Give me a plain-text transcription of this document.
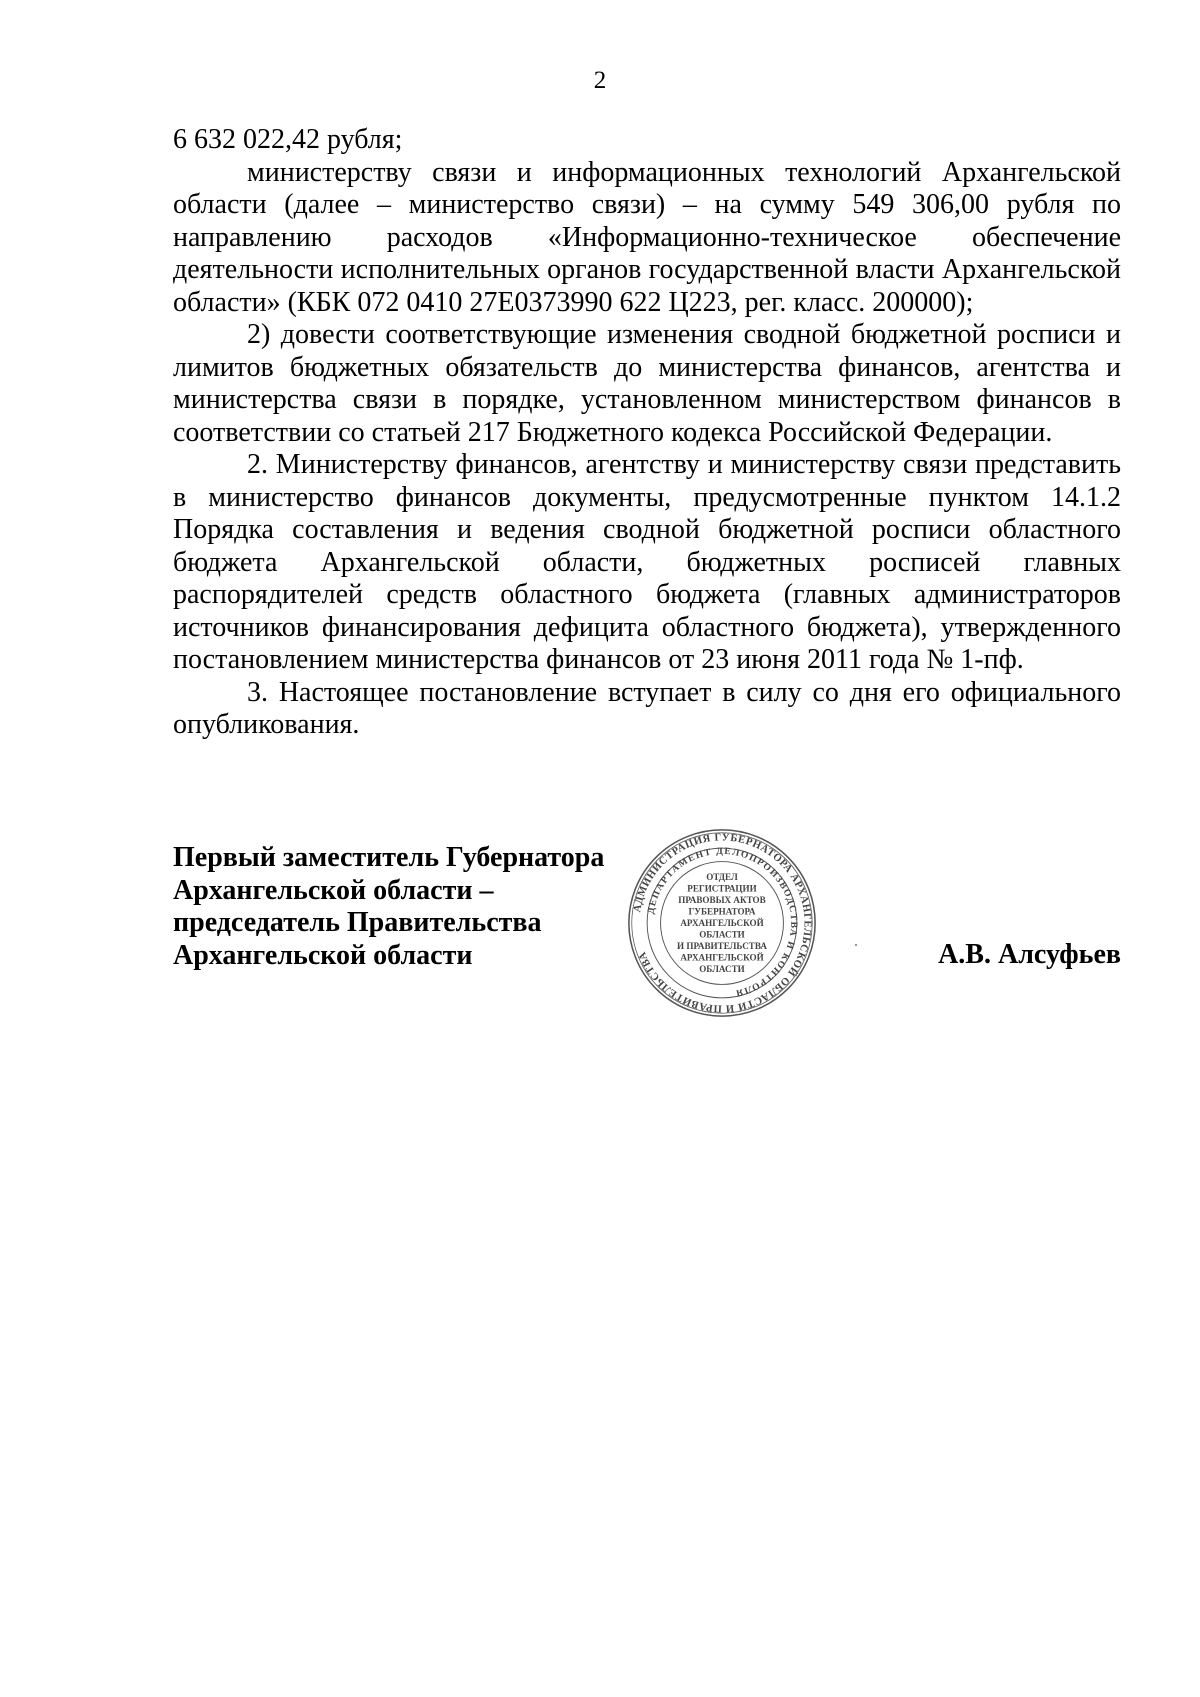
2

6 632 022,42 рубля;

министерству связи и информационных технологий Архангельской области (далее – министерство связи) – на сумму 549 306,00 рубля по направлению расходов «Информационно-техническое обеспечение деятельности исполнительных органов государственной власти Архангельской области» (КБК 072 0410 27Е0373990 622 Ц223, рег. класс. 200000);

2) довести соответствующие изменения сводной бюджетной росписи и лимитов бюджетных обязательств до министерства финансов, агентства и министерства связи в порядке, установленном министерством финансов в соответствии со статьей 217 Бюджетного кодекса Российской Федерации.

2. Министерству финансов, агентству и министерству связи представить в министерство финансов документы, предусмотренные пунктом 14.1.2 Порядка составления и ведения сводной бюджетной росписи областного бюджета Архангельской области, бюджетных росписей главных распорядителей средств областного бюджета (главных администраторов источников финансирования дефицита областного бюджета), утвержденного постановлением министерства финансов от 23 июня 2011 года № 1-пф.

3. Настоящее постановление вступает в силу со дня его официального опубликования.

Первый заместитель Губернатора
Архангельской области –
председатель Правительства
Архангельской области
АДМИНИСТРАЦИЯ ГУБЕРНАТОРА АРХАНГЕЛЬСКОЙ ОБЛАСТИ И ПРАВИТЕЛЬСТВА
ДЕПАРТАМЕНТ ДЕЛОПРОИЗВОДСТВА И КОНТРОЛЯ
ОТДЕЛ
РЕГИСТРАЦИИ
ПРАВОВЫХ АКТОВ
ГУБЕРНАТОРА
АРХАНГЕЛЬСКОЙ
ОБЛАСТИ
И ПРАВИТЕЛЬСТВА
АРХАНГЕЛЬСКОЙ
ОБЛАСТИ	А.В. Алсуфьев
